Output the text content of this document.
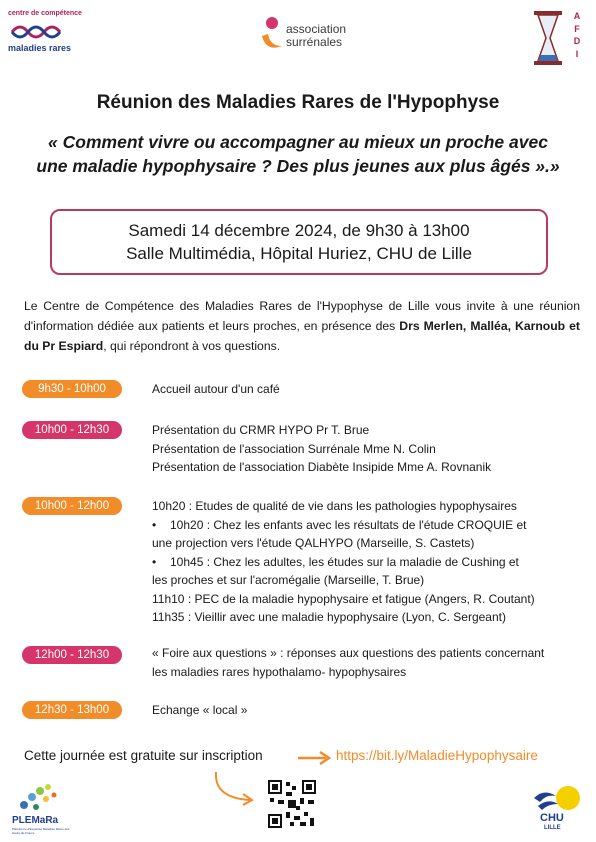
centre de compétence
maladies rares
association
surrénales
A
F
D
I
Réunion des Maladies Rares de l'Hypophyse
« Comment vivre ou accompagner au mieux un proche avec
une maladie hypophysaire ? Des plus jeunes aux plus âgés ».»
Samedi 14 décembre 2024, de 9h30 à 13h00
Salle Multimédia, Hôpital Huriez, CHU de Lille
Le Centre de Compétence des Maladies Rares de l'Hypophyse de Lille vous invite à une réunion d'information dédiée aux patients et leurs proches, en présence des Drs Merlen, Malléa, Karnoub et du Pr Espiard, qui répondront à vos questions.
9h30 - 10h00	Accueil autour d'un café
10h00 - 12h30	Présentation du CRMR HYPO Pr T. Brue
Présentation de l'association Surrénale Mme N. Colin
Présentation de l'association Diabète Insipide Mme A. Rovnanik
10h00 - 12h00	10h20 : Etudes de qualité de vie dans les pathologies hypophysaires
• 10h20 : Chez les enfants avec les résultats de l'étude CROQUIE et
une projection vers l'étude QALHYPO (Marseille, S. Castets)
• 10h45 : Chez les adultes, les études sur la maladie de Cushing et
les proches et sur l'acromégalie (Marseille, T. Brue)
11h10 : PEC de la maladie hypophysaire et fatigue (Angers, R. Coutant)
11h35 : Vieillir avec une maladie hypophysaire (Lyon, C. Sergeant)
12h00 - 12h30	« Foire aux questions » : réponses aux questions des patients concernant
les maladies rares hypothalamo- hypophysaires
12h30 - 13h00	Echange « local »
Cette journée est gratuite sur inscription	https://bit.ly/MaladieHypophysaire
PLEMaRa
Plateforme d'Expertise Maladies Rares des Hauts-de-France
CHU
LILLE
